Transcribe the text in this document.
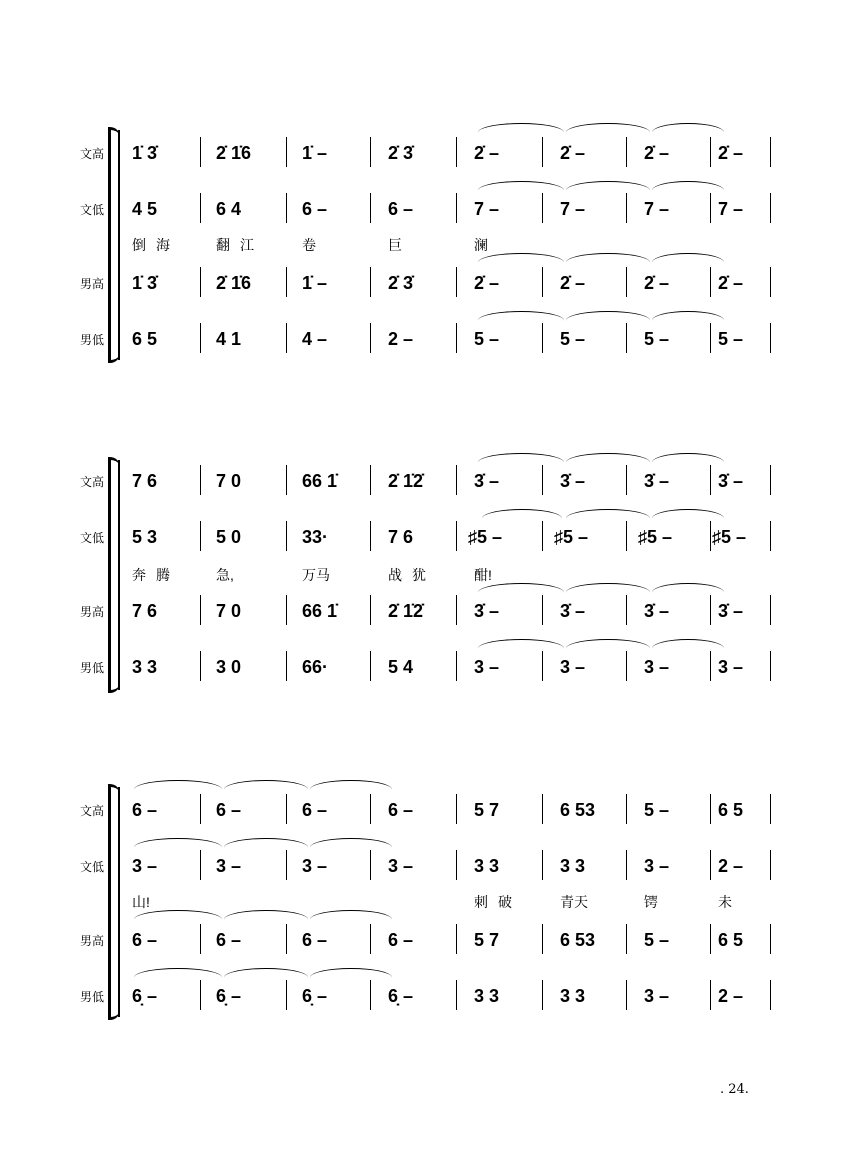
文高 1̇ 3̇	2̇ 1̇6	1̇ –	2̇ 3̇	2̇ –	2̇ –	2̇ –	2̇ –
文低 4 5	6 4	6 –	6 –	7 –	7 –	7 –	7 –
倒 海	翻 江	卷	巨	澜
男高 1̇ 3̇	2̇ 1̇6	1̇ –	2̇ 3̇	2̇ –	2̇ –	2̇ –	2̇ –
男低 6 5	4 1	4 –	2 –	5 –	5 –	5 –	5 –
文高 7 6	7 0	66 1̇	2̇ 1̇2̇	3̇ –	3̇ –	3̇ –	3̇ –
文低 5 3	5 0	33·	7 6	♯5 –	♯5 –	♯5 – ♯5 –
奔 腾	急,	万马	战 犹	酣!
男高 7 6	7 0	66 1̇	2̇ 1̇2̇	3̇ –	3̇ –	3̇ –	3̇ –
男低 3 3	3 0	66·	5 4	3 –	3 –	3 –	3 –
文高 6 –	6 –	6 –	6 –	5 7	6 53	5 –	6 5
文低 3 –	3 –	3 –	3 –	3 3	3 3	3 –	2 –
山!	刺 破	青天	锷	未
男高 6 –	6 –	6 –	6 –	5 7	6 53	5 –	6 5
男低 6̣ –	6̣ –	6̣ –	6̣ –	3 3	3 3	3 –	2 –
. 24.
